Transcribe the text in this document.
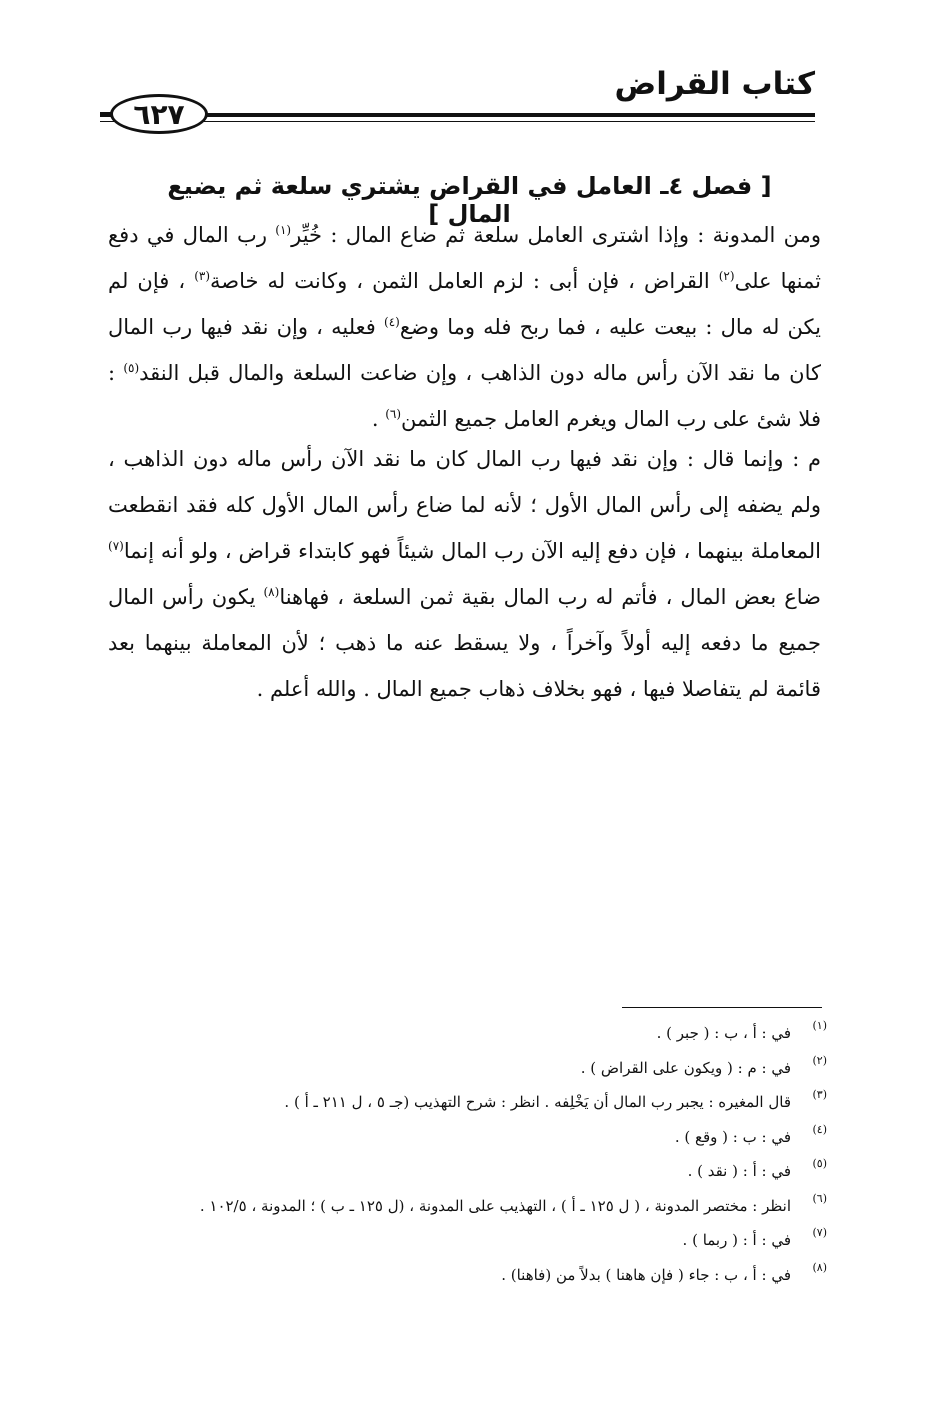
كتاب القراض
٦٢٧
[ فصل ٤ـ العامل في القراض يشتري سلعة ثم يضيع المال ]

ومن المدونة : وإذا اشترى العامل سلعة ثم ضاع المال : خُيِّر$^{(١)}$ رب المال في دفع ثمنها على$^{(٢)}$ القراض ، فإن أبى : لزم العامل الثمن ، وكانت له خاصة$^{(٣)}$ ، فإن لم يكن له مال : بيعت عليه ، فما ربح فله وما وضع$^{(٤)}$ فعليه ، وإن نقد فيها رب المال كان ما نقد الآن رأس ماله دون الذاهب ، وإن ضاعت السلعة والمال قبل النقد$^{(٥)}$ : فلا شئ على رب المال ويغرم العامل جميع الثمن$^{(٦)}$ .

م : وإنما قال : وإن نقد فيها رب المال كان ما نقد الآن رأس ماله دون الذاهب ، ولم يضفه إلى رأس المال الأول ؛ لأنه لما ضاع رأس المال الأول كله فقد انقطعت المعاملة بينهما ، فإن دفع إليه الآن رب المال شيئاً فهو كابتداء قراض ، ولو أنه إنما$^{(٧)}$ ضاع بعض المال ، فأتم له رب المال بقية ثمن السلعة ، فهاهنا$^{(٨)}$ يكون رأس المال جميع ما دفعه إليه أولاً وآخراً ، ولا يسقط عنه ما ذهب ؛ لأن المعاملة بينهما بعد قائمة لم يتفاصلا فيها ، فهو بخلاف ذهاب جميع المال . والله أعلم .

(١)
في : أ ، ب : ( جبر ) .
(٢)
في : م : ( ويكون على القراض ) .
(٣)
قال المغيره : يجبر رب المال أن يَخْلِفه . انظر : شرح التهذيب (جـ ٥ ، ل ٢١١ ـ أ ) .
(٤)
في : ب : ( وقع ) .
(٥)
في : أ : ( نقد ) .
(٦)
انظر : مختصر المدونة ، ( ل ١٢٥ ـ أ ) ، التهذيب على المدونة ، (ل ١٢٥ ـ ب ) ؛ المدونة ، ١٠٢/٥ .
(٧)
في : أ : ( ربما ) .
(٨)
في : أ ، ب : جاء ( فإن هاهنا ) بدلاً من (فاهنا) .
